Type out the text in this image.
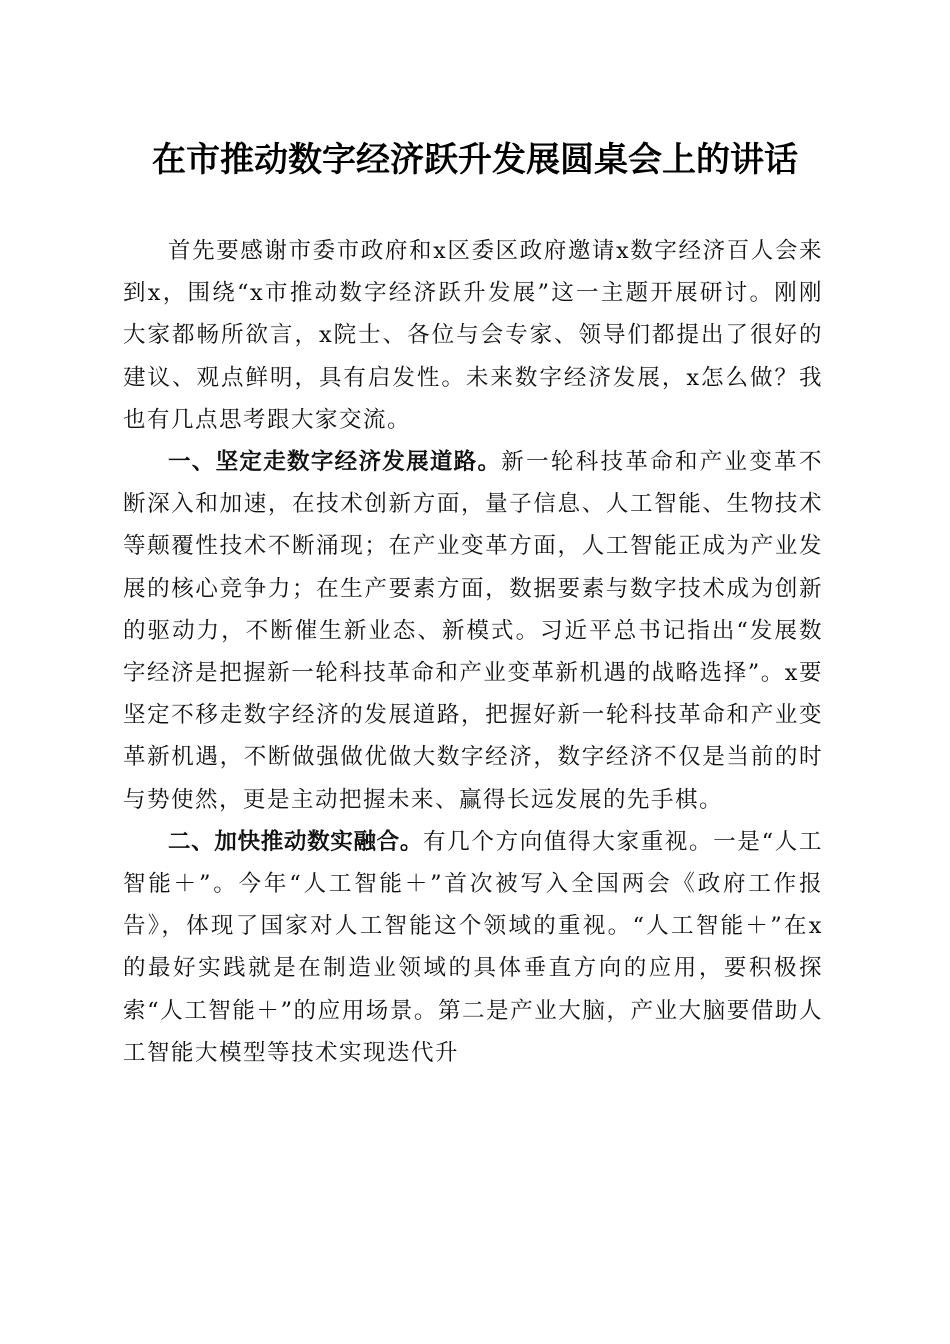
在市推动数字经济跃升发展圆桌会上的讲话

首先要感谢市委市政府和x区委区政府邀请x数字经济百人会来到x，围绕“x市推动数字经济跃升发展”这一主题开展研讨。刚刚大家都畅所欲言，x院士、各位与会专家、领导们都提出了很好的建议、观点鲜明，具有启发性。未来数字经济发展，x怎么做？我也有几点思考跟大家交流。

一、坚定走数字经济发展道路。新一轮科技革命和产业变革不断深入和加速，在技术创新方面，量子信息、人工智能、生物技术等颠覆性技术不断涌现；在产业变革方面，人工智能正成为产业发展的核心竞争力；在生产要素方面，数据要素与数字技术成为创新的驱动力，不断催生新业态、新模式。习近平总书记指出“发展数字经济是把握新一轮科技革命和产业变革新机遇的战略选择”。x要坚定不移走数字经济的发展道路，把握好新一轮科技革命和产业变革新机遇，不断做强做优做大数字经济，数字经济不仅是当前的时与势使然，更是主动把握未来、赢得长远发展的先手棋。

二、加快推动数实融合。有几个方向值得大家重视。一是“人工智能＋”。今年“人工智能＋”首次被写入全国两会《政府工作报告》，体现了国家对人工智能这个领域的重视。“人工智能＋”在x的最好实践就是在制造业领域的具体垂直方向的应用，要积极探索“人工智能＋”的应用场景。第二是产业大脑，产业大脑要借助人工智能大模型等技术实现迭代升
